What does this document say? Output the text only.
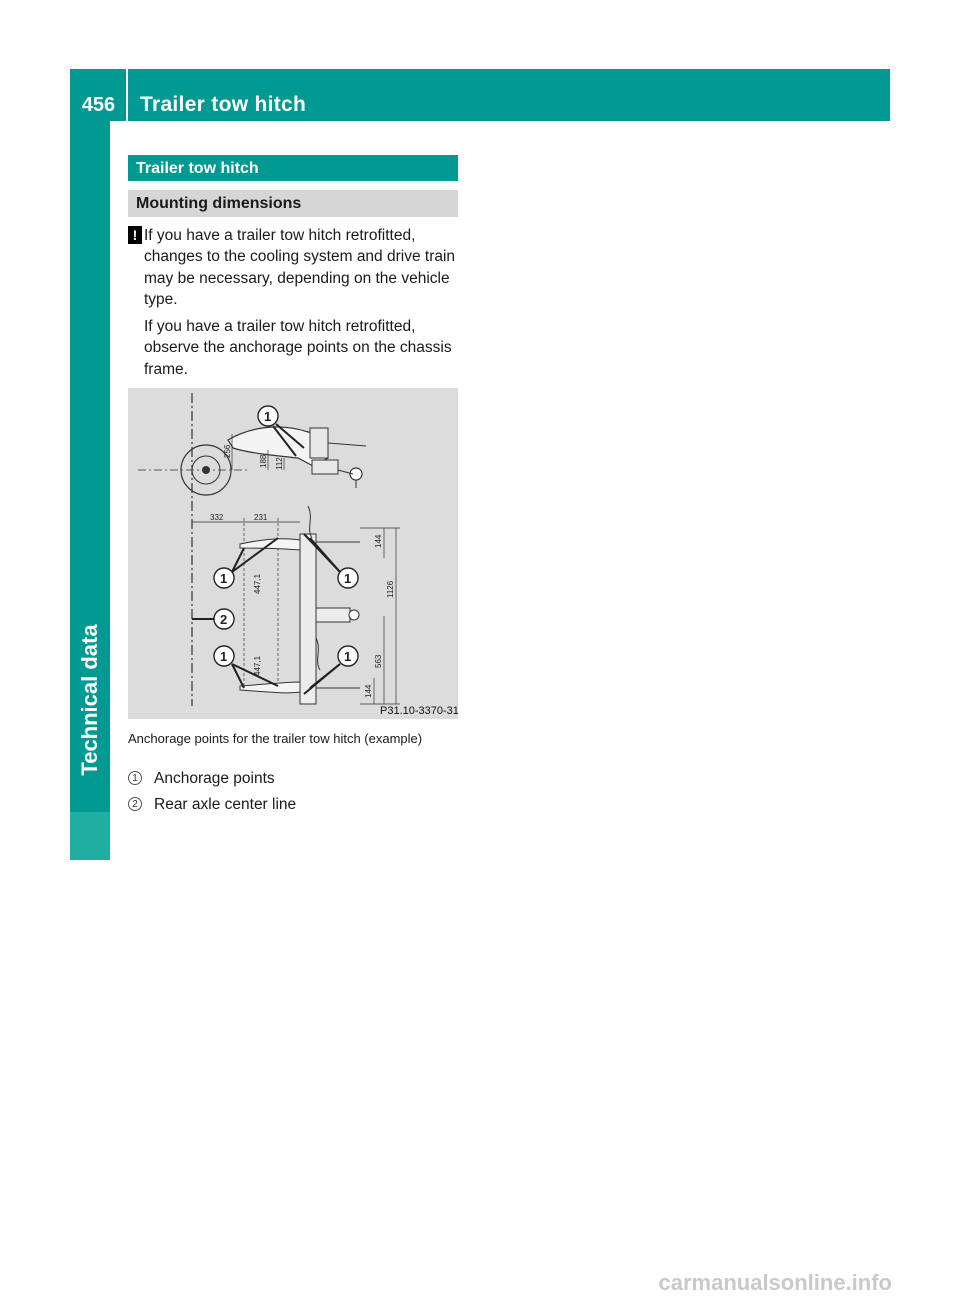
456	Trailer tow hitch
Technical data
Trailer tow hitch
Mounting dimensions
! If you have a trailer tow hitch retrofitted, changes to the cooling system and drive train may be necessary, depending on the vehicle type.
If you have a trailer tow hitch retrofitted, observe the anchorage points on the chassis frame.
256
188 112
1
332	231
144
1126
563
144
447,1
447,1
1	1
2
1	1
P31.10-3370-31
Anchorage points for the trailer tow hitch (example)
1 Anchorage points
2 Rear axle center line
carmanualsonline.info
